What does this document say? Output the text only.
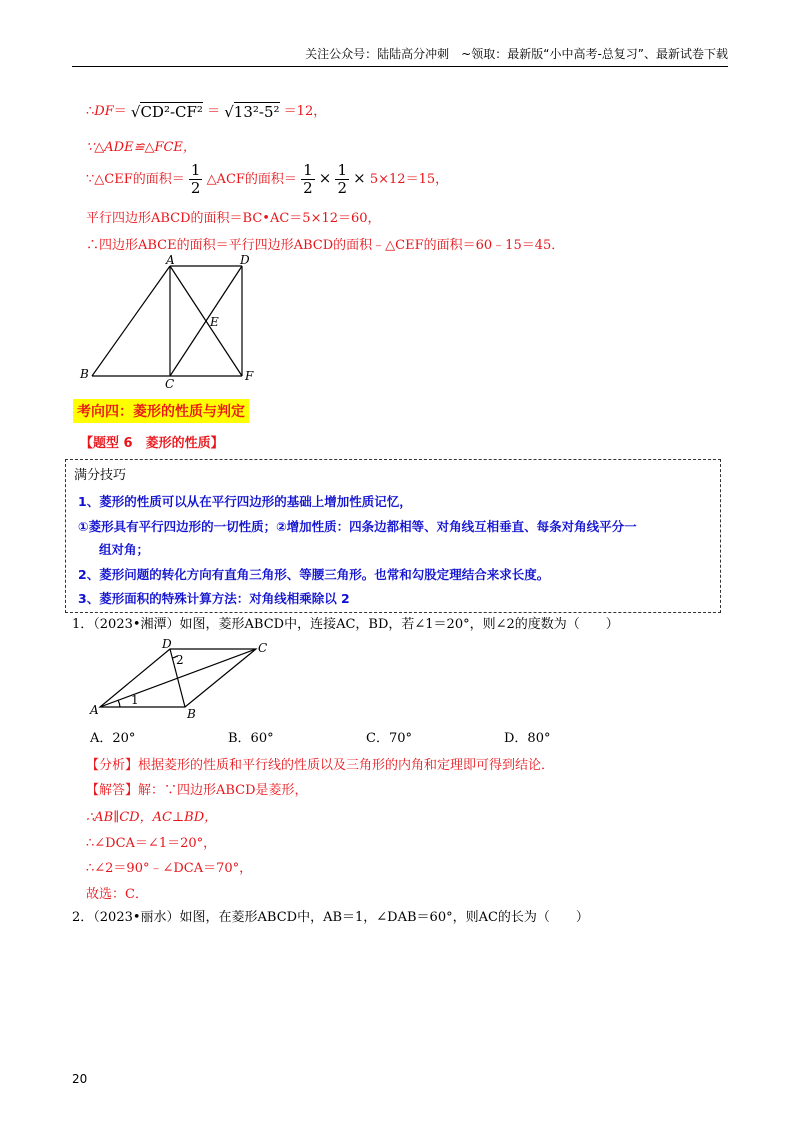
关注公众号：陆陆高分冲刺　~领取：最新版“小中高考-总复习”、最新试卷下载
∴DF＝ √CD²-CF² ＝ √13²-5² ＝12，
∵△ADE≌△FCE，
∵△CEF的面积＝ $\frac{1}{2}$ △ACF的面积＝ $\frac{1}{2} \times \frac{1}{2} \times 5\times 12=15$，
平行四边形ABCD的面积＝BC•AC＝5×12＝60，
∴四边形ABCE的面积＝平行四边形ABCD的面积﹣△CEF的面积＝60﹣15＝45．
A	D
E
B
C
F
考向四：菱形的性质与判定
【题型 6　菱形的性质】
满分技巧
1、菱形的性质可以从在平行四边形的基础上增加性质记忆，
①菱形具有平行四边形的一切性质；②增加性质：四条边都相等、对角线互相垂直、每条对角线平分一
组对角；
2、菱形问题的转化方向有直角三角形、等腰三角形。也常和勾股定理结合来求长度。
3、菱形面积的特殊计算方法：对角线相乘除以 2
1．（2023•湘潭）如图，菱形ABCD中，连接AC，BD，若∠1＝20°，则∠2的度数为（　　）
D	C
A	B
1
2
A．20°	B．60°	C．70°	D．80°
【分析】根据菱形的性质和平行线的性质以及三角形的内角和定理即可得到结论．
【解答】解：∵四边形ABCD是菱形，
∴AB∥CD，AC⊥BD，
∴∠DCA＝∠1＝20°，
∴∠2＝90°﹣∠DCA＝70°，
故选：C．
2．（2023•丽水）如图，在菱形ABCD中，AB＝1，∠DAB＝60°，则AC的长为（　　）
20
